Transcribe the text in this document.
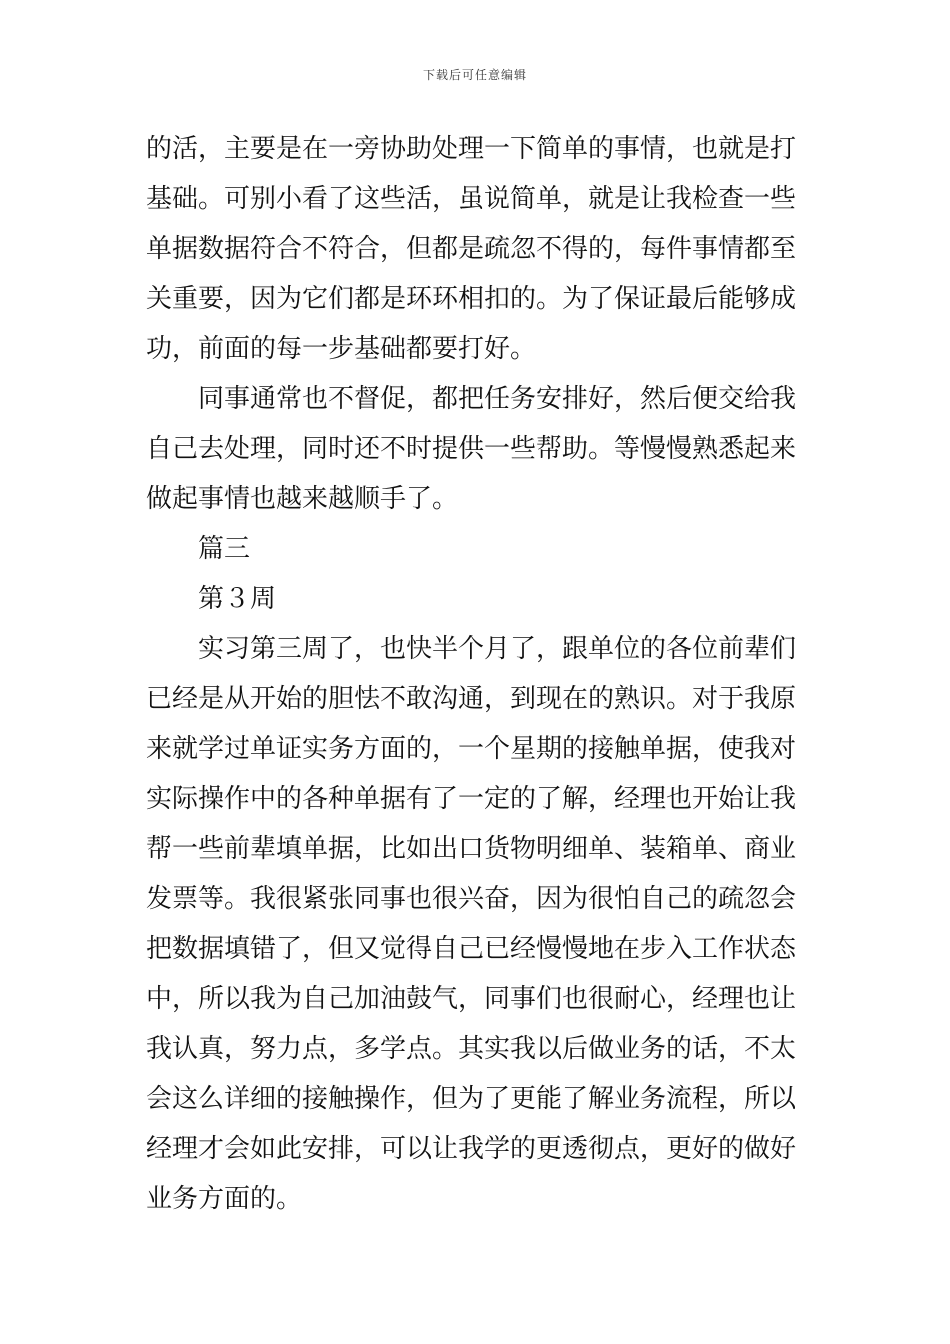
下载后可任意编辑
的活，主要是在一旁协助处理一下简单的事情，也就是打
基础。可别小看了这些活，虽说简单，就是让我检查一些
单据数据符合不符合，但都是疏忽不得的，每件事情都至
关重要，因为它们都是环环相扣的。为了保证最后能够成
功，前面的每一步基础都要打好。
同事通常也不督促，都把任务安排好，然后便交给我
自己去处理，同时还不时提供一些帮助。等慢慢熟悉起来
做起事情也越来越顺手了。
篇三
第３周
实习第三周了，也快半个月了，跟单位的各位前辈们
已经是从开始的胆怯不敢沟通，到现在的熟识。对于我原
来就学过单证实务方面的，一个星期的接触单据，使我对
实际操作中的各种单据有了一定的了解，经理也开始让我
帮一些前辈填单据，比如出口货物明细单、装箱单、商业
发票等。我很紧张同事也很兴奋，因为很怕自己的疏忽会
把数据填错了，但又觉得自己已经慢慢地在步入工作状态
中，所以我为自己加油鼓气，同事们也很耐心，经理也让
我认真，努力点，多学点。其实我以后做业务的话，不太
会这么详细的接触操作，但为了更能了解业务流程，所以
经理才会如此安排，可以让我学的更透彻点，更好的做好
业务方面的。
